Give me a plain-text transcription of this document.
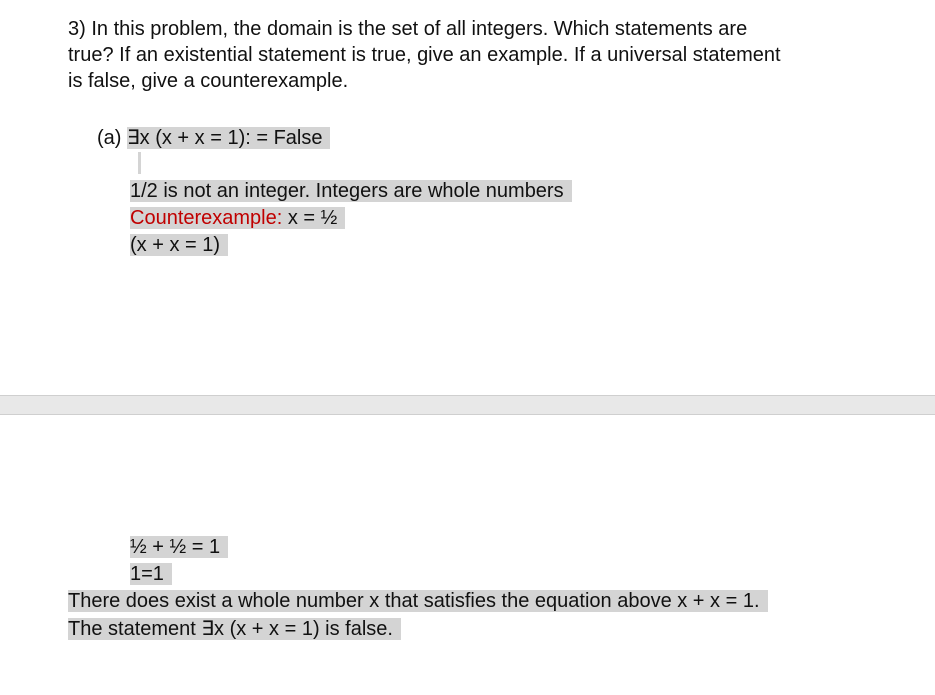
3) In this problem, the domain is the set of all integers. Which statements are
true? If an existential statement is true, give an example. If a universal statement
is false, give a counterexample.
(a) ∃x (x + x = 1): = False
1/2 is not an integer. Integers are whole numbers
Counterexample: x = ½
(x + x = 1)
½ + ½ = 1
1=1
There does exist a whole number x that satisfies the equation above x + x = 1.
The statement ∃x (x + x = 1) is false.
